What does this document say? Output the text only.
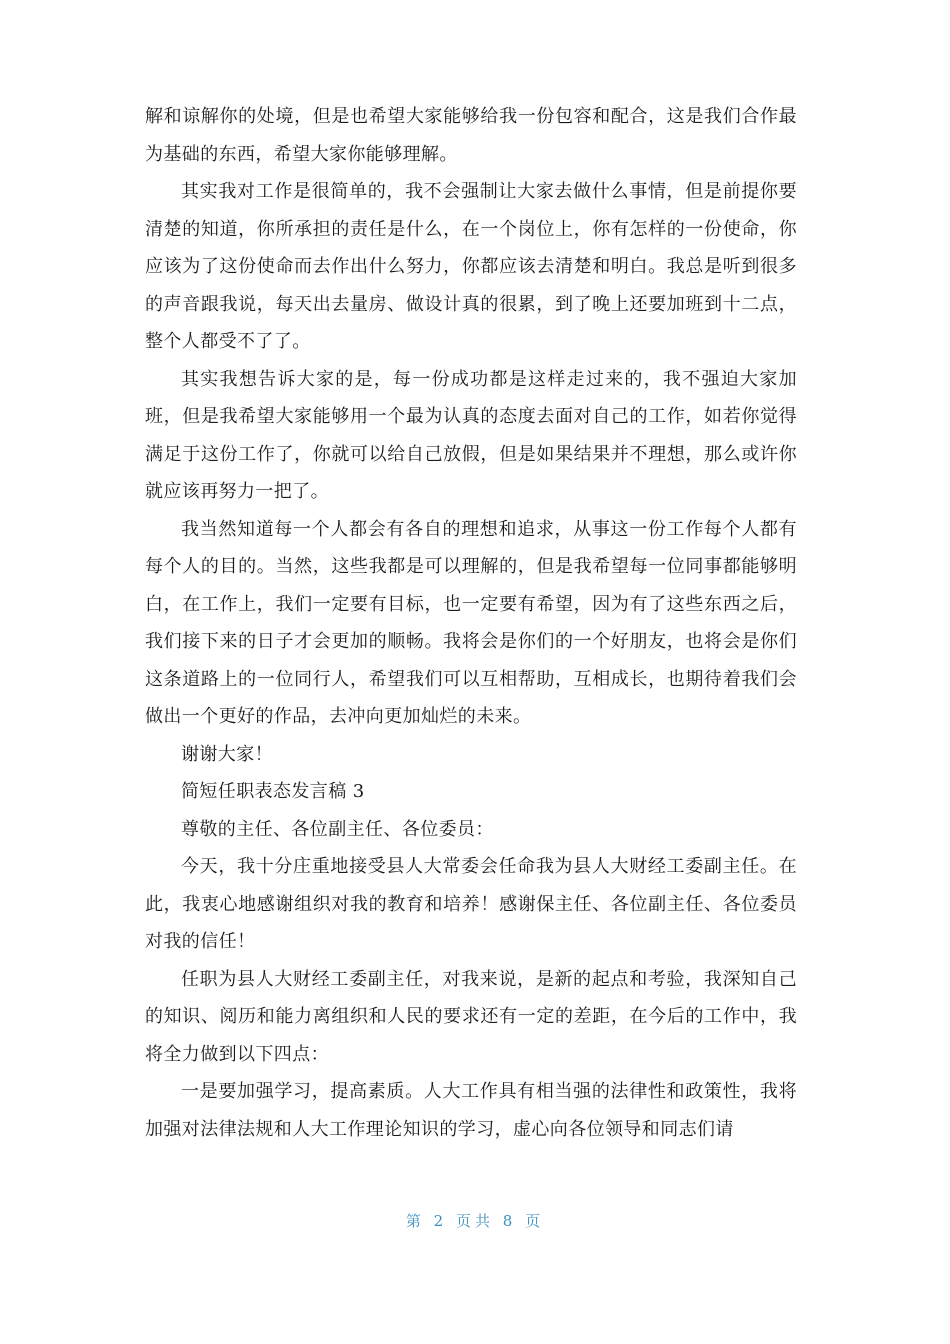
解和谅解你的处境，但是也希望大家能够给我一份包容和配合，这是我们合作最为基础的东西，希望大家你能够理解。

其实我对工作是很简单的，我不会强制让大家去做什么事情，但是前提你要清楚的知道，你所承担的责任是什么，在一个岗位上，你有怎样的一份使命，你应该为了这份使命而去作出什么努力，你都应该去清楚和明白。我总是听到很多的声音跟我说，每天出去量房、做设计真的很累，到了晚上还要加班到十二点，整个人都受不了了。

其实我想告诉大家的是，每一份成功都是这样走过来的，我不强迫大家加班，但是我希望大家能够用一个最为认真的态度去面对自己的工作，如若你觉得满足于这份工作了，你就可以给自己放假，但是如果结果并不理想，那么或许你就应该再努力一把了。

我当然知道每一个人都会有各自的理想和追求，从事这一份工作每个人都有每个人的目的。当然，这些我都是可以理解的，但是我希望每一位同事都能够明白，在工作上，我们一定要有目标，也一定要有希望，因为有了这些东西之后，我们接下来的日子才会更加的顺畅。我将会是你们的一个好朋友，也将会是你们这条道路上的一位同行人，希望我们可以互相帮助，互相成长，也期待着我们会做出一个更好的作品，去冲向更加灿烂的未来。

谢谢大家！

简短任职表态发言稿 3

尊敬的主任、各位副主任、各位委员：

今天，我十分庄重地接受县人大常委会任命我为县人大财经工委副主任。在此，我衷心地感谢组织对我的教育和培养！感谢保主任、各位副主任、各位委员对我的信任！

任职为县人大财经工委副主任，对我来说，是新的起点和考验，我深知自己的知识、阅历和能力离组织和人民的要求还有一定的差距，在今后的工作中，我将全力做到以下四点：

一是要加强学习，提高素质。人大工作具有相当强的法律性和政策性，我将加强对法律法规和人大工作理论知识的学习，虚心向各位领导和同志们请

第 2 页共 8 页
